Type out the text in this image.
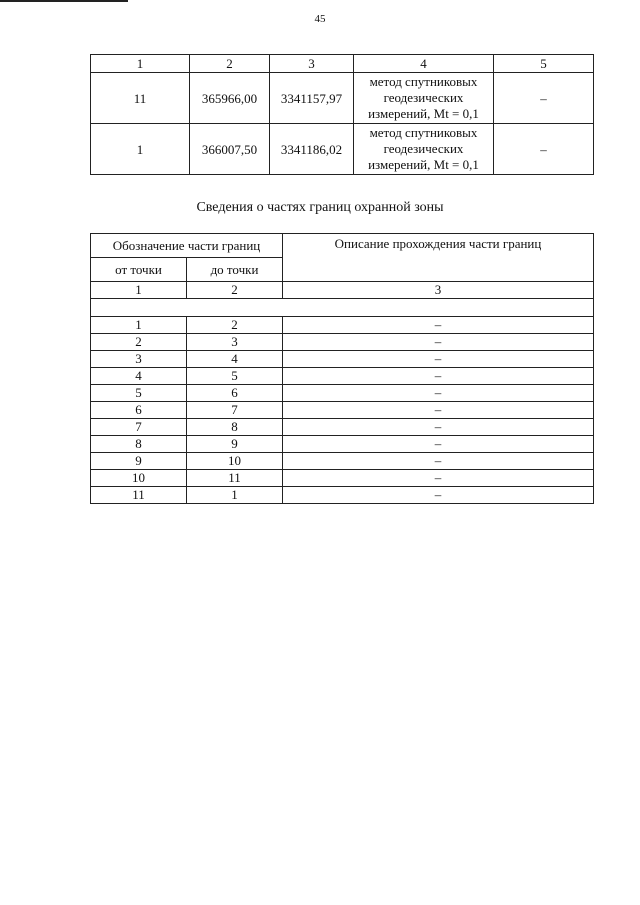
45
1	2	3	4	5
11	365966,00	3341157,97	метод спутниковых
геодезических
измерений, Mt = 0,1	–
1	366007,50	3341186,02	метод спутниковых
геодезических
измерений, Mt = 0,1	–
Сведения о частях границ охранной зоны
Обозначение части границ		Описание прохождения части границ
от точки	до точки	
1	2	3

1	2	–
2	3	–
3	4	–
4	5	–
5	6	–
6	7	–
7	8	–
8	9	–
9	10	–
10	11	–
11	1	–
